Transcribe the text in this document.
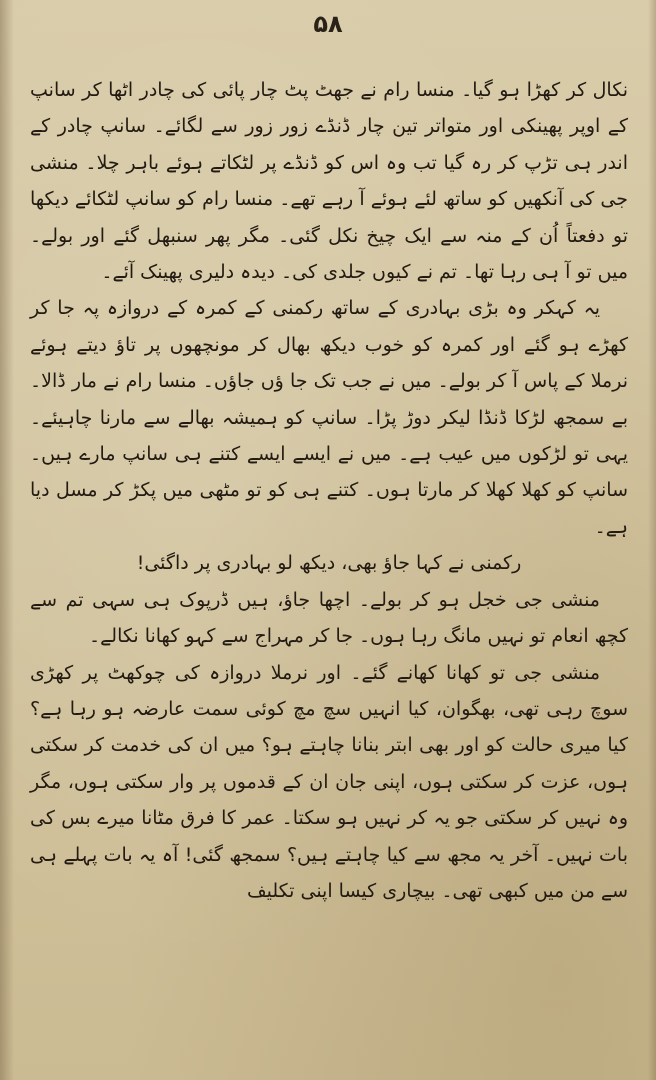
۵۸

نکال کر کھڑا ہو گیا۔ منسا رام نے جھٹ پٹ چار پائی کی چادر اٹھا کر سانپ کے اوپر پھینکی اور متواتر تین چار ڈنڈے زور زور سے لگائے۔ سانپ چادر کے اندر ہی تڑپ کر رہ گیا تب وہ اس کو ڈنڈے پر لٹکاتے ہوئے باہر چلا۔ منشی جی کی آنکھیں کو ساتھ لئے ہوئے آ رہے تھے۔ منسا رام کو سانپ لٹکائے دیکھا تو دفعتاً اُن کے منہ سے ایک چیخ نکل گئی۔ مگر پھر سنبھل گئے اور بولے۔ میں تو آ ہی رہا تھا۔ تم نے کیوں جلدی کی۔ دیدہ دلیری پھینک آئے۔

یہ کہکر وہ بڑی بہادری کے ساتھ رکمنی کے کمرہ کے دروازہ پہ جا کر کھڑے ہو گئے اور کمرہ کو خوب دیکھ بھال کر مونچھوں پر تاؤ دیتے ہوئے نرملا کے پاس آ کر بولے۔ میں نے جب تک جا ؤں جاؤں۔ منسا رام نے مار ڈالا۔ بے سمجھ لڑکا ڈنڈا لیکر دوڑ پڑا۔ سانپ کو ہمیشہ بھالے سے مارنا چاہیئے۔ یہی تو لڑکوں میں عیب ہے۔ میں نے ایسے ایسے کتنے ہی سانپ مارے ہیں۔ سانپ کو کھلا کھلا کر مارتا ہوں۔ کتنے ہی کو تو مٹھی میں پکڑ کر مسل دیا ہے۔

رکمنی نے کہا جاؤ بھی، دیکھ لو بہادری پر داگئی!

منشی جی خجل ہو کر بولے۔ اچھا جاؤ، ہیں ڈرپوک ہی سہی تم سے کچھ انعام تو نہیں مانگ رہا ہوں۔ جا کر مہراج سے کہو کھانا نکالے۔

منشی جی تو کھانا کھانے گئے۔ اور نرملا دروازہ کی چوکھٹ پر کھڑی سوچ رہی تھی، بھگوان، کیا انہیں سچ مچ کوئی سمت عارضہ ہو رہا ہے؟ کیا میری حالت کو اور بھی ابتر بنانا چاہتے ہو؟ میں ان کی خدمت کر سکتی ہوں، عزت کر سکتی ہوں، اپنی جان ان کے قدموں پر وار سکتی ہوں، مگر وہ نہیں کر سکتی جو یہ کر نہیں ہو سکتا۔ عمر کا فرق مٹانا میرے بس کی بات نہیں۔ آخر یہ مجھ سے کیا چاہتے ہیں؟ سمجھ گئی! آہ یہ بات پہلے ہی سے من میں کبھی تھی۔ بیچاری کیسا اپنی تکلیف
